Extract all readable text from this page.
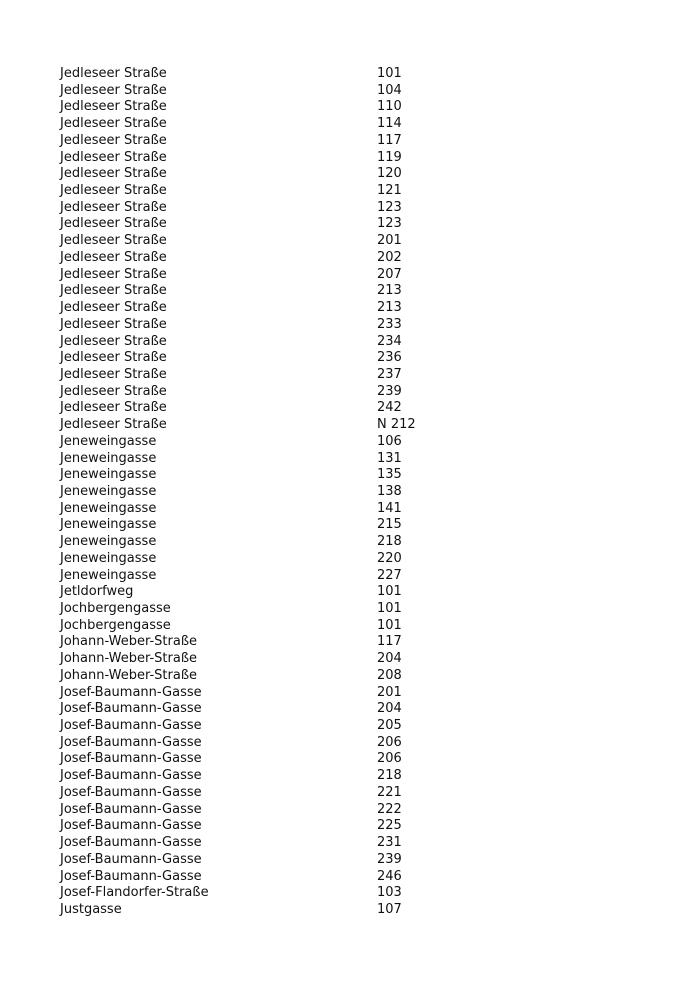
Jedleseer Straße	101
Jedleseer Straße	104
Jedleseer Straße	110
Jedleseer Straße	114
Jedleseer Straße	117
Jedleseer Straße	119
Jedleseer Straße	120
Jedleseer Straße	121
Jedleseer Straße	123
Jedleseer Straße	123
Jedleseer Straße	201
Jedleseer Straße	202
Jedleseer Straße	207
Jedleseer Straße	213
Jedleseer Straße	213
Jedleseer Straße	233
Jedleseer Straße	234
Jedleseer Straße	236
Jedleseer Straße	237
Jedleseer Straße	239
Jedleseer Straße	242
Jedleseer Straße	N 212
Jeneweingasse	106
Jeneweingasse	131
Jeneweingasse	135
Jeneweingasse	138
Jeneweingasse	141
Jeneweingasse	215
Jeneweingasse	218
Jeneweingasse	220
Jeneweingasse	227
Jetldorfweg	101
Jochbergengasse	101
Jochbergengasse	101
Johann-Weber-Straße	117
Johann-Weber-Straße	204
Johann-Weber-Straße	208
Josef-Baumann-Gasse	201
Josef-Baumann-Gasse	204
Josef-Baumann-Gasse	205
Josef-Baumann-Gasse	206
Josef-Baumann-Gasse	206
Josef-Baumann-Gasse	218
Josef-Baumann-Gasse	221
Josef-Baumann-Gasse	222
Josef-Baumann-Gasse	225
Josef-Baumann-Gasse	231
Josef-Baumann-Gasse	239
Josef-Baumann-Gasse	246
Josef-Flandorfer-Straße	103
Justgasse	107
